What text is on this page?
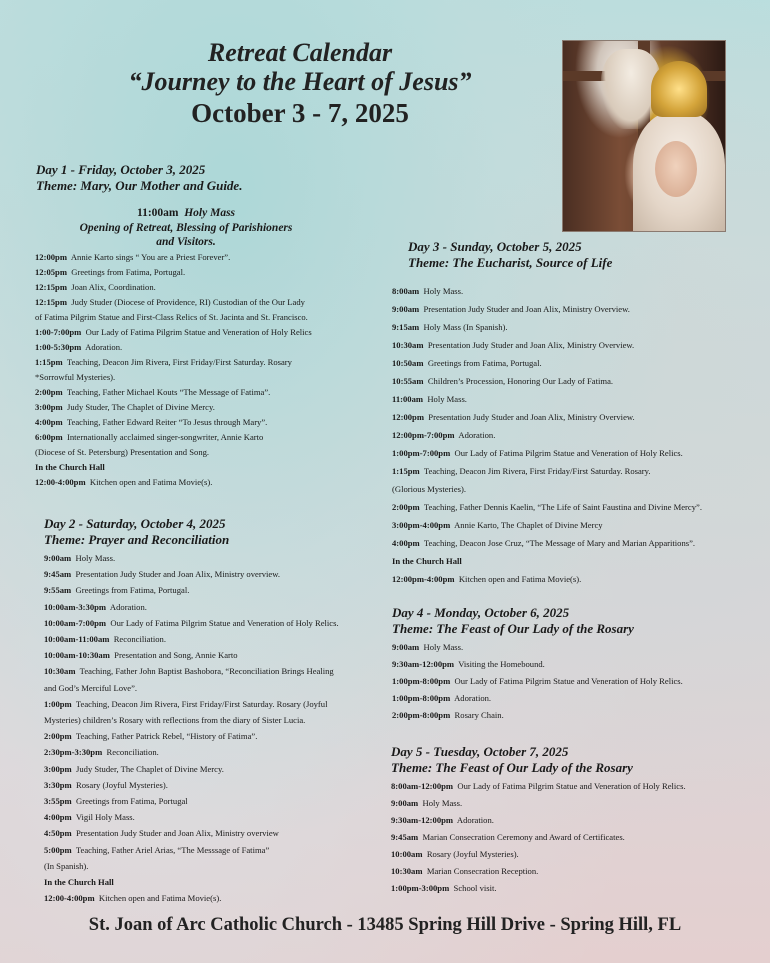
Retreat Calendar
“Journey to the Heart of Jesus”
October 3 - 7, 2025
Day 1 - Friday, October 3, 2025
Theme: Mary, Our Mother and Guide.
11:00am Holy Mass
Opening of Retreat, Blessing of Parishioners
and Visitors.
12:00pm Annie Karto sings “ You are a Priest Forever”.
12:05pm Greetings from Fatima, Portugal.
12:15pm Joan Alix, Coordination.
12:15pm Judy Studer (Diocese of Providence, RI) Custodian of the Our Lady
of Fatima Pilgrim Statue and First-Class Relics of St. Jacinta and St. Francisco.
1:00-7:00pm Our Lady of Fatima Pilgrim Statue and Veneration of Holy Relics
1:00-5:30pm Adoration.
1:15pm Teaching, Deacon Jim Rivera, First Friday/First Saturday. Rosary
*Sorrowful Mysteries).
2:00pm Teaching, Father Michael Kouts “The Message of Fatima”.
3:00pm Judy Studer, The Chaplet of Divine Mercy.
4:00pm Teaching, Father Edward Reiter “To Jesus through Mary”.
6:00pm Internationally acclaimed singer-songwriter, Annie Karto
(Diocese of St. Petersburg) Presentation and Song.
In the Church Hall
12:00-4:00pm Kitchen open and Fatima Movie(s).
Day 2 - Saturday, October 4, 2025
Theme: Prayer and Reconciliation
9:00am Holy Mass.
9:45am Presentation Judy Studer and Joan Alix, Ministry overview.
9:55am Greetings from Fatima, Portugal.
10:00am-3:30pm Adoration.
10:00am-7:00pm Our Lady of Fatima Pilgrim Statue and Veneration of Holy Relics.
10:00am-11:00am Reconciliation.
10:00am-10:30am Presentation and Song, Annie Karto
10:30am Teaching, Father John Baptist Bashobora, “Reconciliation Brings Healing
and God’s Merciful Love”.
1:00pm Teaching, Deacon Jim Rivera, First Friday/First Saturday. Rosary (Joyful
Mysteries) children’s Rosary with reflections from the diary of Sister Lucia.
2:00pm Teaching, Father Patrick Rebel, “History of Fatima”.
2:30pm-3:30pm Reconciliation.
3:00pm Judy Studer, The Chaplet of Divine Mercy.
3:30pm Rosary (Joyful Mysteries).
3:55pm Greetings from Fatima, Portugal
4:00pm Vigil Holy Mass.
4:50pm Presentation Judy Studer and Joan Alix, Ministry overview
5:00pm Teaching, Father Ariel Arias, “The Messsage of Fatima”
(In Spanish).
In the Church Hall
12:00-4:00pm Kitchen open and Fatima Movie(s).
Day 3 - Sunday, October 5, 2025
Theme: The Eucharist, Source of Life
8:00am Holy Mass.
9:00am Presentation Judy Studer and Joan Alix, Ministry Overview.
9:15am Holy Mass (In Spanish).
10:30am Presentation Judy Studer and Joan Alix, Ministry Overview.
10:50am Greetings from Fatima, Portugal.
10:55am Children’s Procession, Honoring Our Lady of Fatima.
11:00am Holy Mass.
12:00pm Presentation Judy Studer and Joan Alix, Ministry Overview.
12:00pm-7:00pm Adoration.
1:00pm-7:00pm Our Lady of Fatima Pilgrim Statue and Veneration of Holy Relics.
1:15pm Teaching, Deacon Jim Rivera, First Friday/First Saturday. Rosary.
(Glorious Mysteries).
2:00pm Teaching, Father Dennis Kaelin, “The Life of Saint Faustina and Divine Mercy”.
3:00pm-4:00pm Annie Karto, The Chaplet of Divine Mercy
4:00pm Teaching, Deacon Jose Cruz, “The Message of Mary and Marian Apparitions”.
In the Church Hall
12:00pm-4:00pm Kitchen open and Fatima Movie(s).
Day 4 - Monday, October 6, 2025
Theme: The Feast of Our Lady of the Rosary
9:00am Holy Mass.
9:30am-12:00pm Visiting the Homebound.
1:00pm-8:00pm Our Lady of Fatima Pilgrim Statue and Veneration of Holy Relics.
1:00pm-8:00pm Adoration.
2:00pm-8:00pm Rosary Chain.
Day 5 - Tuesday, October 7, 2025
Theme: The Feast of Our Lady of the Rosary
8:00am-12:00pm Our Lady of Fatima Pilgrim Statue and Veneration of Holy Relics.
9:00am Holy Mass.
9:30am-12:00pm Adoration.
9:45am Marian Consecration Ceremony and Award of Certificates.
10:00am Rosary (Joyful Mysteries).
10:30am Marian Consecration Reception.
1:00pm-3:00pm School visit.
St. Joan of Arc Catholic Church - 13485 Spring Hill Drive - Spring Hill, FL
